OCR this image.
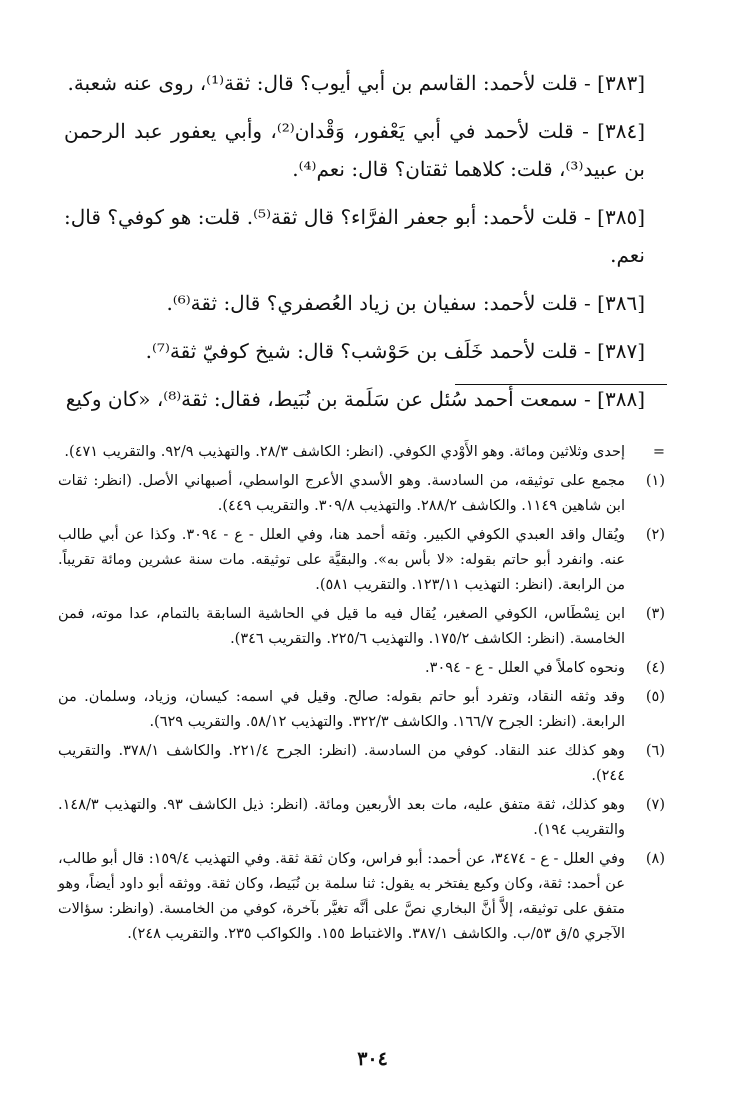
[٣٨٣] - قلت لأحمد: القاسم بن أبي أيوب؟ قال: ثقة⁽¹⁾، روى عنه شعبة.

[٣٨٤] - قلت لأحمد في أبي يَعْفور، وَقْدان⁽²⁾، وأبي يعفور عبد الرحمن بن عبيد⁽³⁾، قلت: كلاهما ثقتان؟ قال: نعم⁽⁴⁾.

[٣٨٥] - قلت لأحمد: أبو جعفر الفرَّاء؟ قال ثقة⁽⁵⁾. قلت: هو كوفي؟ قال: نعم.

[٣٨٦] - قلت لأحمد: سفيان بن زياد العُصفري؟ قال: ثقة⁽⁶⁾.

[٣٨٧] - قلت لأحمد خَلَف بن حَوْشب؟ قال: شيخ كوفيّ ثقة⁽⁷⁾.

[٣٨٨] - سمعت أحمد سُئل عن سَلَمة بن نُبَيط، فقال: ثقة⁽⁸⁾، «كان وكيع

=
إحدى وثلاثين ومائة. وهو الأَوْدي الكوفي. (انظر: الكاشف ٢٨/٣. والتهذيب ٩٢/٩. والتقريب ٤٧١).
(١)
مجمع على توثيقه، من السادسة. وهو الأسدي الأعرج الواسطي، أصبهاني الأصل. (انظر: ثقات ابن شاهين ١١٤٩. والكاشف ٢٨٨/٢. والتهذيب ٣٠٩/٨. والتقريب ٤٤٩).
(٢)
ويُقال واقد العبدي الكوفي الكبير. وثقه أحمد هنا، وفي العلل - ع - ٣٠٩٤. وكذا عن أبي طالب عنه. وانفرد أبو حاتم بقوله: «لا بأس به». والبقيَّة على توثيقه. مات سنة عشرين ومائة تقريباً. من الرابعة. (انظر: التهذيب ١٢٣/١١. والتقريب ٥٨١).
(٣)
ابن نِسْطَاس، الكوفي الصغير، يُقال فيه ما قيل في الحاشية السابقة بالتمام، عدا موته، فمن الخامسة. (انظر: الكاشف ١٧٥/٢. والتهذيب ٢٢٥/٦. والتقريب ٣٤٦).
(٤)
ونحوه كاملاً في العلل - ع - ٣٠٩٤.
(٥)
وقد وثقه النقاد، وتفرد أبو حاتم بقوله: صالح. وقيل في اسمه: كيسان، وزياد، وسلمان. من الرابعة. (انظر: الجرح ١٦٦/٧. والكاشف ٣٢٢/٣. والتهذيب ٥٨/١٢. والتقريب ٦٢٩).
(٦)
وهو كذلك عند النقاد. كوفي من السادسة. (انظر: الجرح ٢٢١/٤. والكاشف ٣٧٨/١. والتقريب ٢٤٤).
(٧)
وهو كذلك، ثقة متفق عليه، مات بعد الأربعين ومائة. (انظر: ذيل الكاشف ٩٣. والتهذيب ١٤٨/٣. والتقريب ١٩٤).
(٨)
وفي العلل - ع - ٣٤٧٤، عن أحمد: أبو فراس، وكان ثقة ثقة. وفي التهذيب ١٥٩/٤: قال أبو طالب، عن أحمد: ثقة، وكان وكيع يفتخر به يقول: ثنا سلمة بن نُبَيط، وكان ثقة. ووثقه أبو داود أيضاً، وهو متفق على توثيقه، إلاَّ أنَّ البخاري نصَّ على أنَّه تغيَّر بآخرة، كوفي من الخامسة. (وانظر: سؤالات الآجري ٥/ق ٥٣/ب. والكاشف ٣٨٧/١. والاغتباط ١٥٥. والكواكب ٢٣٥. والتقريب ٢٤٨).
٣٠٤
